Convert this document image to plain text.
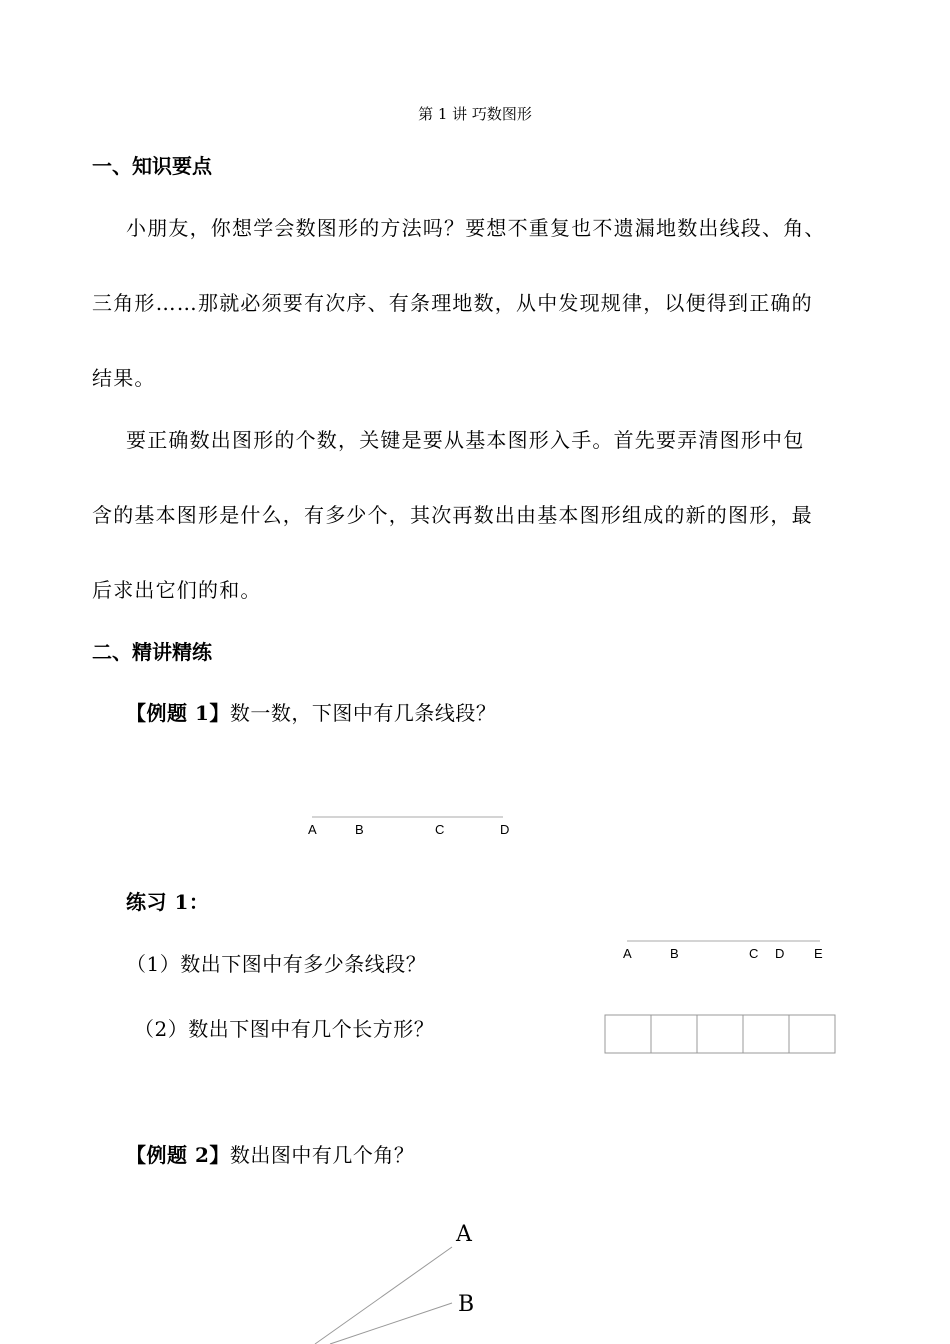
第 1 讲 巧数图形
一、知识要点
小朋友，你想学会数图形的方法吗？要想不重复也不遗漏地数出线段、角、
三角形……那就必须要有次序、有条理地数，从中发现规律，以便得到正确的
结果。
要正确数出图形的个数，关键是要从基本图形入手。首先要弄清图形中包
含的基本图形是什么，有多少个，其次再数出由基本图形组成的新的图形，最
后求出它们的和。
二、精讲精练
【例题 1】数一数，下图中有几条线段？
A	B	C	D
练习 1：
（1）数出下图中有多少条线段？	A	B	C D E
（2）数出下图中有几个长方形？
【例题 2】数出图中有几个角？
A
B
